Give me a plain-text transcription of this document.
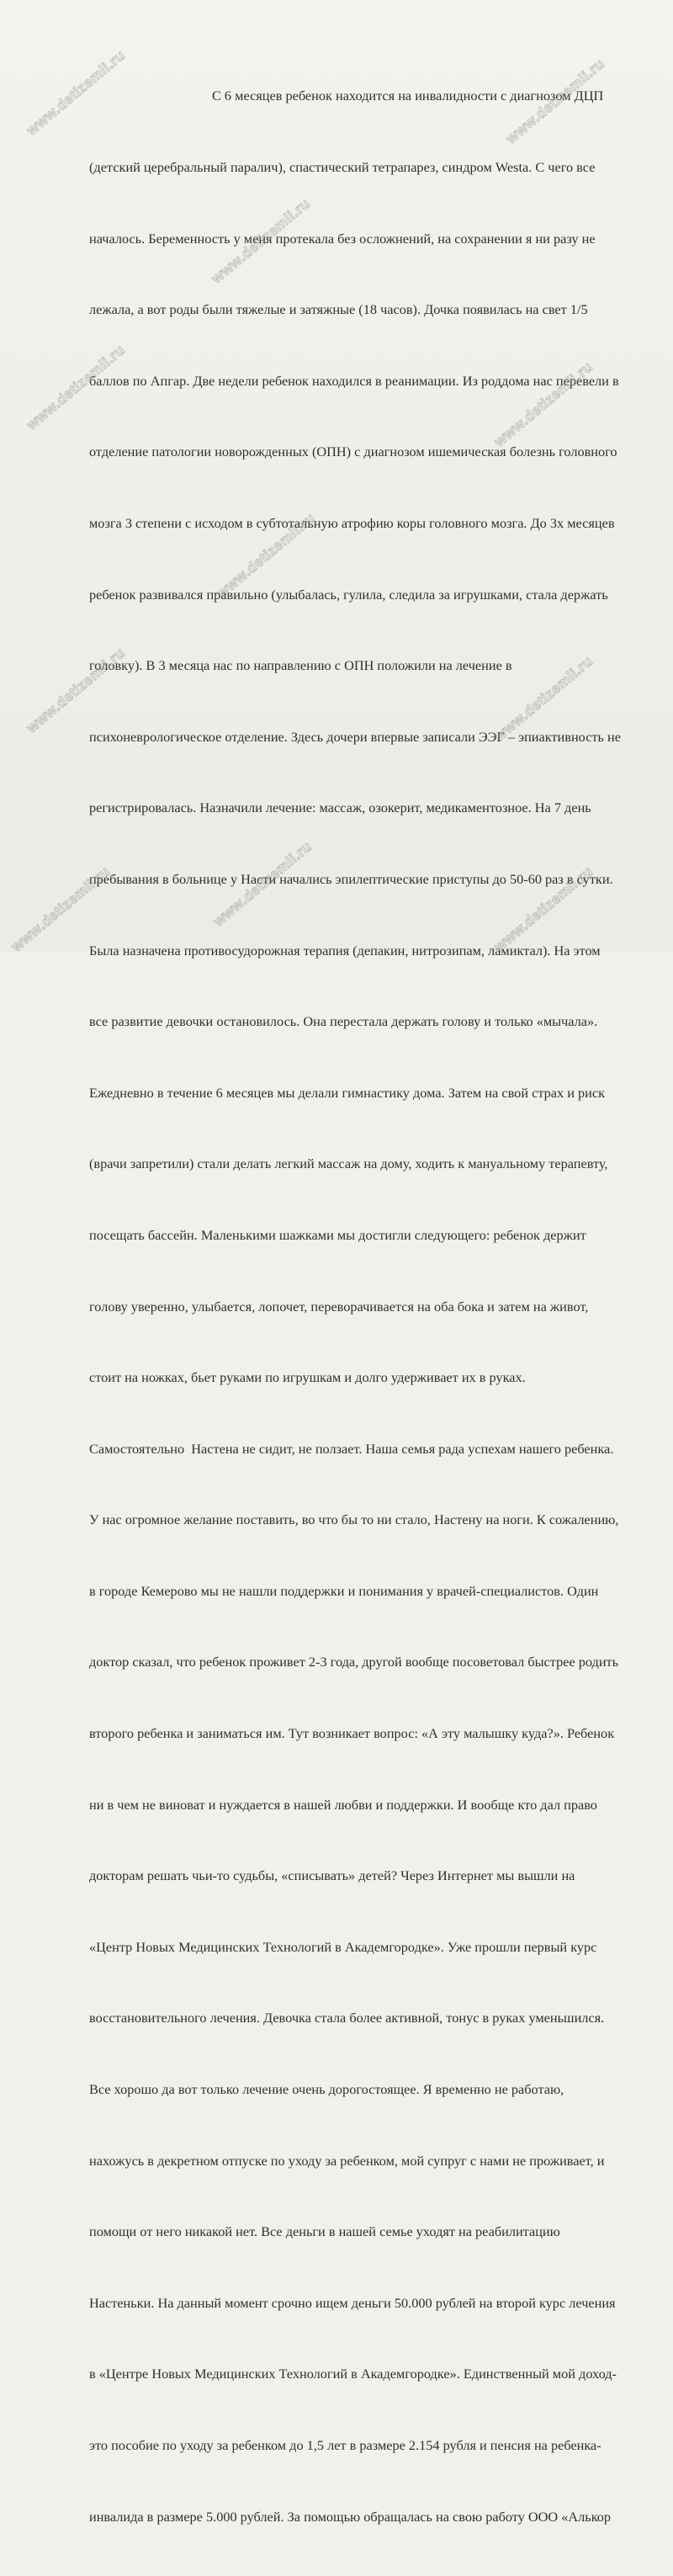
С 6 месяцев ребенок находится на инвалидности с диагнозом ДЦП

(детский церебральный паралич), спастический тетрапарез, синдром Westa. С чего все

началось. Беременность у меня протекала без осложнений, на сохранении я ни разу не

лежала, а вот роды были тяжелые и затяжные (18 часов). Дочка появилась на свет 1/5

баллов по Апгар. Две недели ребенок находился в реанимации. Из роддома нас перевели в

отделение патологии новорожденных (ОПН) с диагнозом ишемическая болезнь головного

мозга 3 степени с исходом в субтотальную атрофию коры головного мозга. До 3х месяцев

ребенок развивался правильно (улыбалась, гулила, следила за игрушками, стала держать

головку). В 3 месяца нас по направлению с ОПН положили на лечение в

психоневрологическое отделение. Здесь дочери впервые записали ЭЭГ – эпиактивность не

регистрировалась. Назначили лечение: массаж, озокерит, медикаментозное. На 7 день

пребывания в больнице у Насти начались эпилептические приступы до 50-60 раз в сутки.

Была назначена противосудорожная терапия (депакин, нитрозипам, ламиктал). На этом

все развитие девочки остановилось. Она перестала держать голову и только «мычала».

Ежедневно в течение 6 месяцев мы делали гимнастику дома. Затем на свой страх и риск

(врачи запретили) стали делать легкий массаж на дому, ходить к мануальному терапевту,

посещать бассейн. Маленькими шажками мы достигли следующего: ребенок держит

голову уверенно, улыбается, лопочет, переворачивается на оба бока и затем на живот,

стоит на ножках, бьет руками по игрушкам и долго удерживает их в руках.

Самостоятельно  Настена не сидит, не ползает. Наша семья рада успехам нашего ребенка.

У нас огромное желание поставить, во что бы то ни стало, Настену на ноги. К сожалению,

в городе Кемерово мы не нашли поддержки и понимания у врачей-специалистов. Один

доктор сказал, что ребенок проживет 2-3 года, другой вообще посоветовал быстрее родить

второго ребенка и заниматься им. Тут возникает вопрос: «А эту малышку куда?». Ребенок

ни в чем не виноват и нуждается в нашей любви и поддержки. И вообще кто дал право

докторам решать чьи-то судьбы, «списывать» детей? Через Интернет мы вышли на

«Центр Новых Медицинских Технологий в Академгородке». Уже прошли первый курс

восстановительного лечения. Девочка стала более активной, тонус в руках уменьшился.

Все хорошо да вот только лечение очень дорогостоящее. Я временно не работаю,

нахожусь в декретном отпуске по уходу за ребенком, мой супруг с нами не проживает, и

помощи от него никакой нет. Все деньги в нашей семье уходят на реабилитацию

Настеньки. На данный момент срочно ищем деньги 50.000 рублей на второй курс лечения

в «Центре Новых Медицинских Технологий в Академгородке». Единственный мой доход-

это пособие по уходу за ребенком до 1,5 лет в размере 2.154 рубля и пенсия на ребенка-

инвалида в размере 5.000 рублей. За помощью обращалась на свою работу ООО «Алькор

www.detizemli.ru
www.detizemli.ru
www.detizemli.ru
www.detizemli.ru	www.detizemli.ru
www.detizemli.ru
www.detizemli.ru
www.detizemli.ru
www.detizemli.ru	www.detizemli.ru	www.detizemli.ru
